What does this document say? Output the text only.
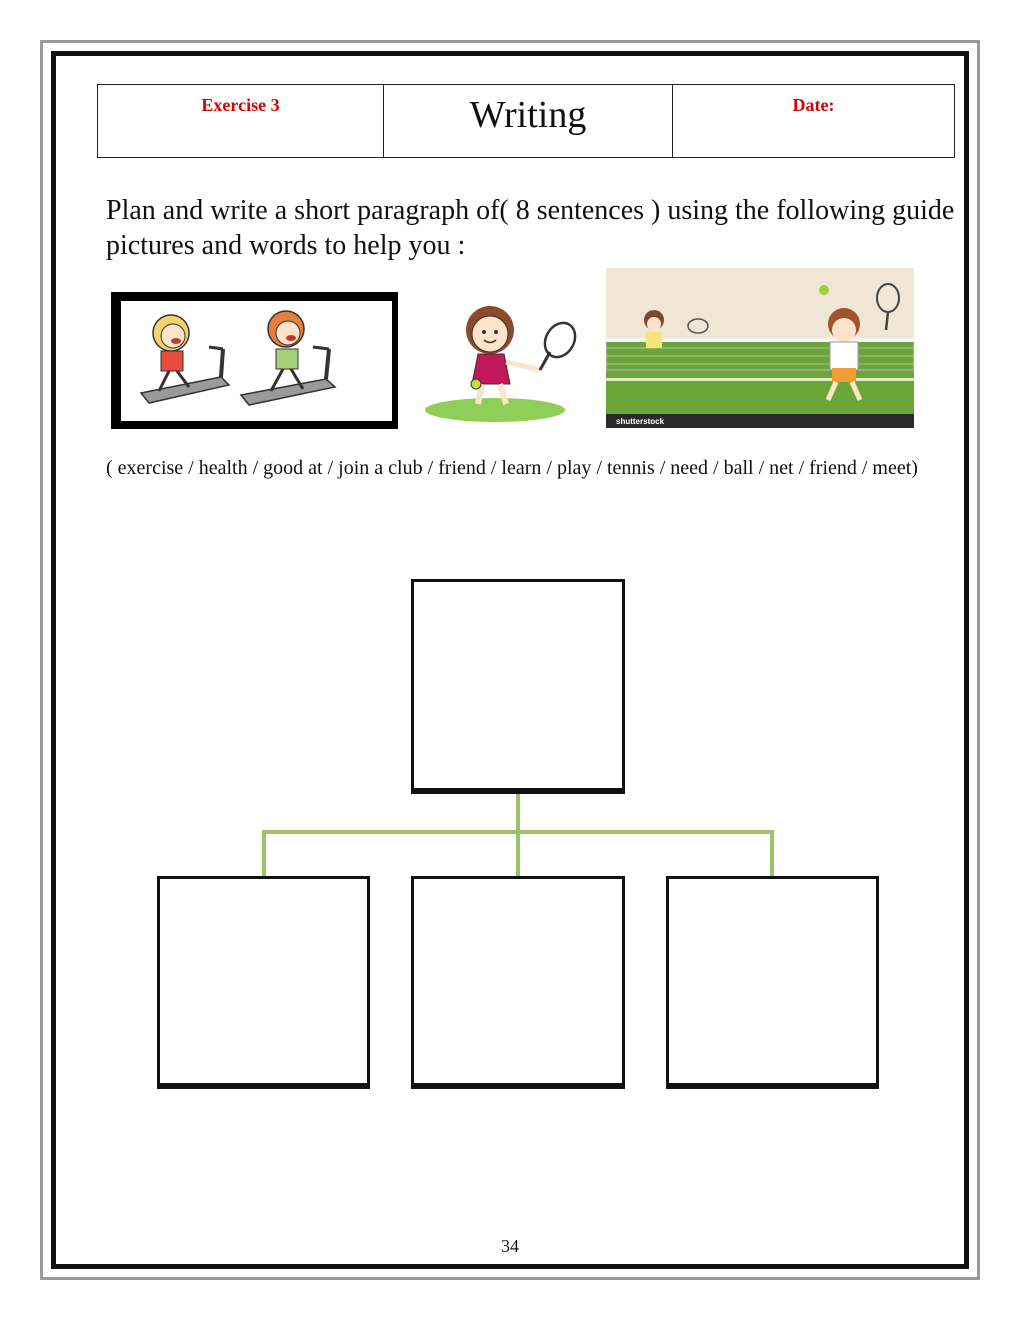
Exercise 3	Writing	Date:

Plan and write a short paragraph of( 8 sentences ) using the following guide pictures and words to help you :

shutterstock

( exercise / health / good at / join a club / friend / learn / play / tennis / need / ball / net / friend / meet)

34
